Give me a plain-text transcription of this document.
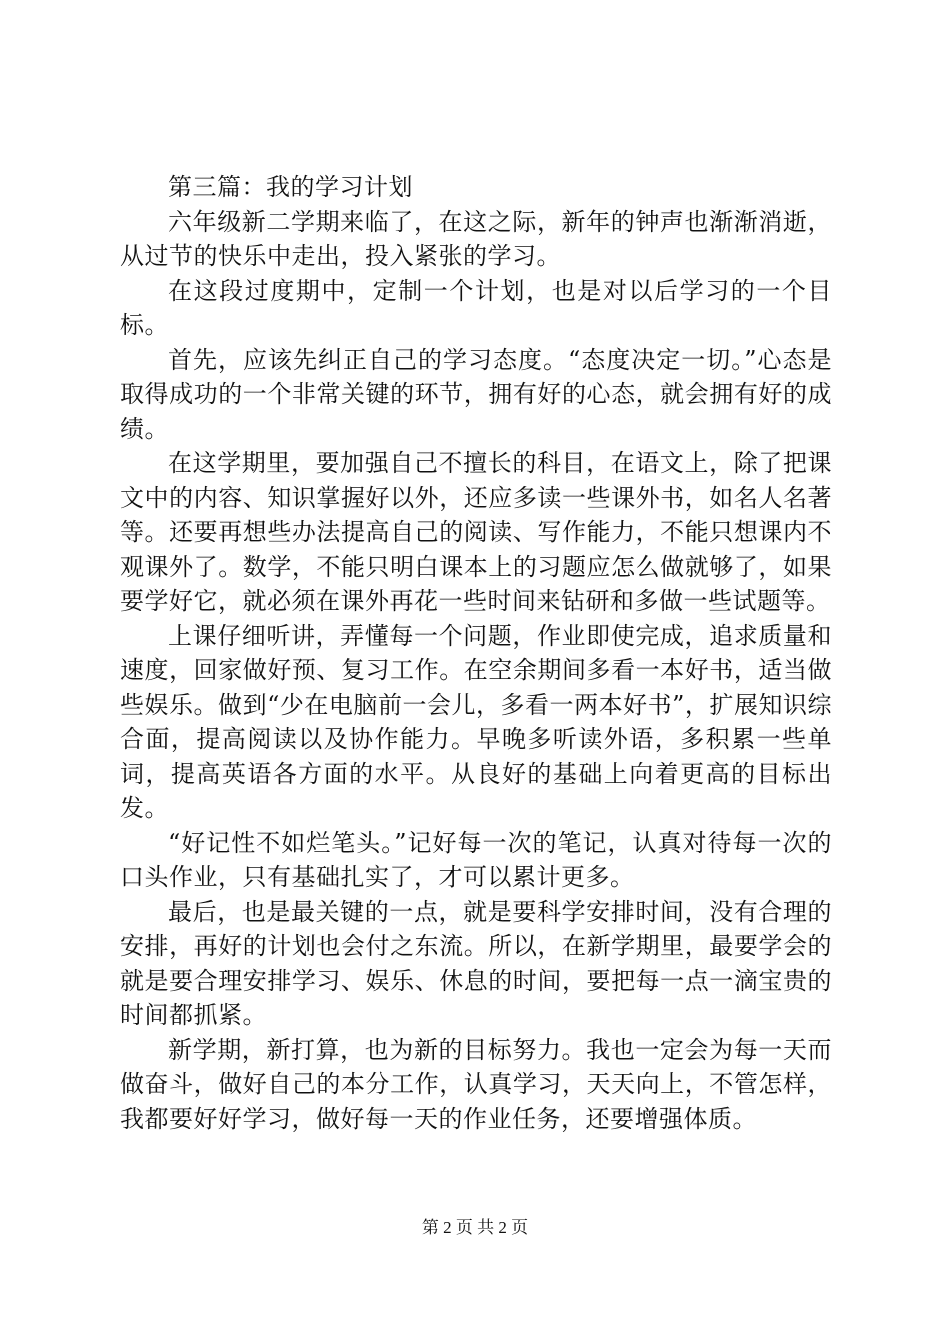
第三篇：我的学习计划

六年级新二学期来临了，在这之际，新年的钟声也渐渐消逝，从过节的快乐中走出，投入紧张的学习。

在这段过度期中，定制一个计划，也是对以后学习的一个目标。

首先，应该先纠正自己的学习态度。“态度决定一切。”心态是取得成功的一个非常关键的环节，拥有好的心态，就会拥有好的成绩。

在这学期里，要加强自己不擅长的科目，在语文上，除了把课文中的内容、知识掌握好以外，还应多读一些课外书，如名人名著等。还要再想些办法提高自己的阅读、写作能力，不能只想课内不观课外了。数学，不能只明白课本上的习题应怎么做就够了，如果要学好它，就必须在课外再花一些时间来钻研和多做一些试题等。

上课仔细听讲，弄懂每一个问题，作业即使完成，追求质量和速度，回家做好预、复习工作。在空余期间多看一本好书，适当做些娱乐。做到“少在电脑前一会儿，多看一两本好书”，扩展知识综合面，提高阅读以及协作能力。早晚多听读外语，多积累一些单词，提高英语各方面的水平。从良好的基础上向着更高的目标出发。

“好记性不如烂笔头。”记好每一次的笔记，认真对待每一次的口头作业，只有基础扎实了，才可以累计更多。

最后，也是最关键的一点，就是要科学安排时间，没有合理的安排，再好的计划也会付之东流。所以，在新学期里，最要学会的就是要合理安排学习、娱乐、休息的时间，要把每一点一滴宝贵的时间都抓紧。

新学期，新打算，也为新的目标努力。我也一定会为每一天而做奋斗，做好自己的本分工作，认真学习，天天向上，不管怎样，我都要好好学习，做好每一天的作业任务，还要增强体质。

第 2 页 共 2 页
